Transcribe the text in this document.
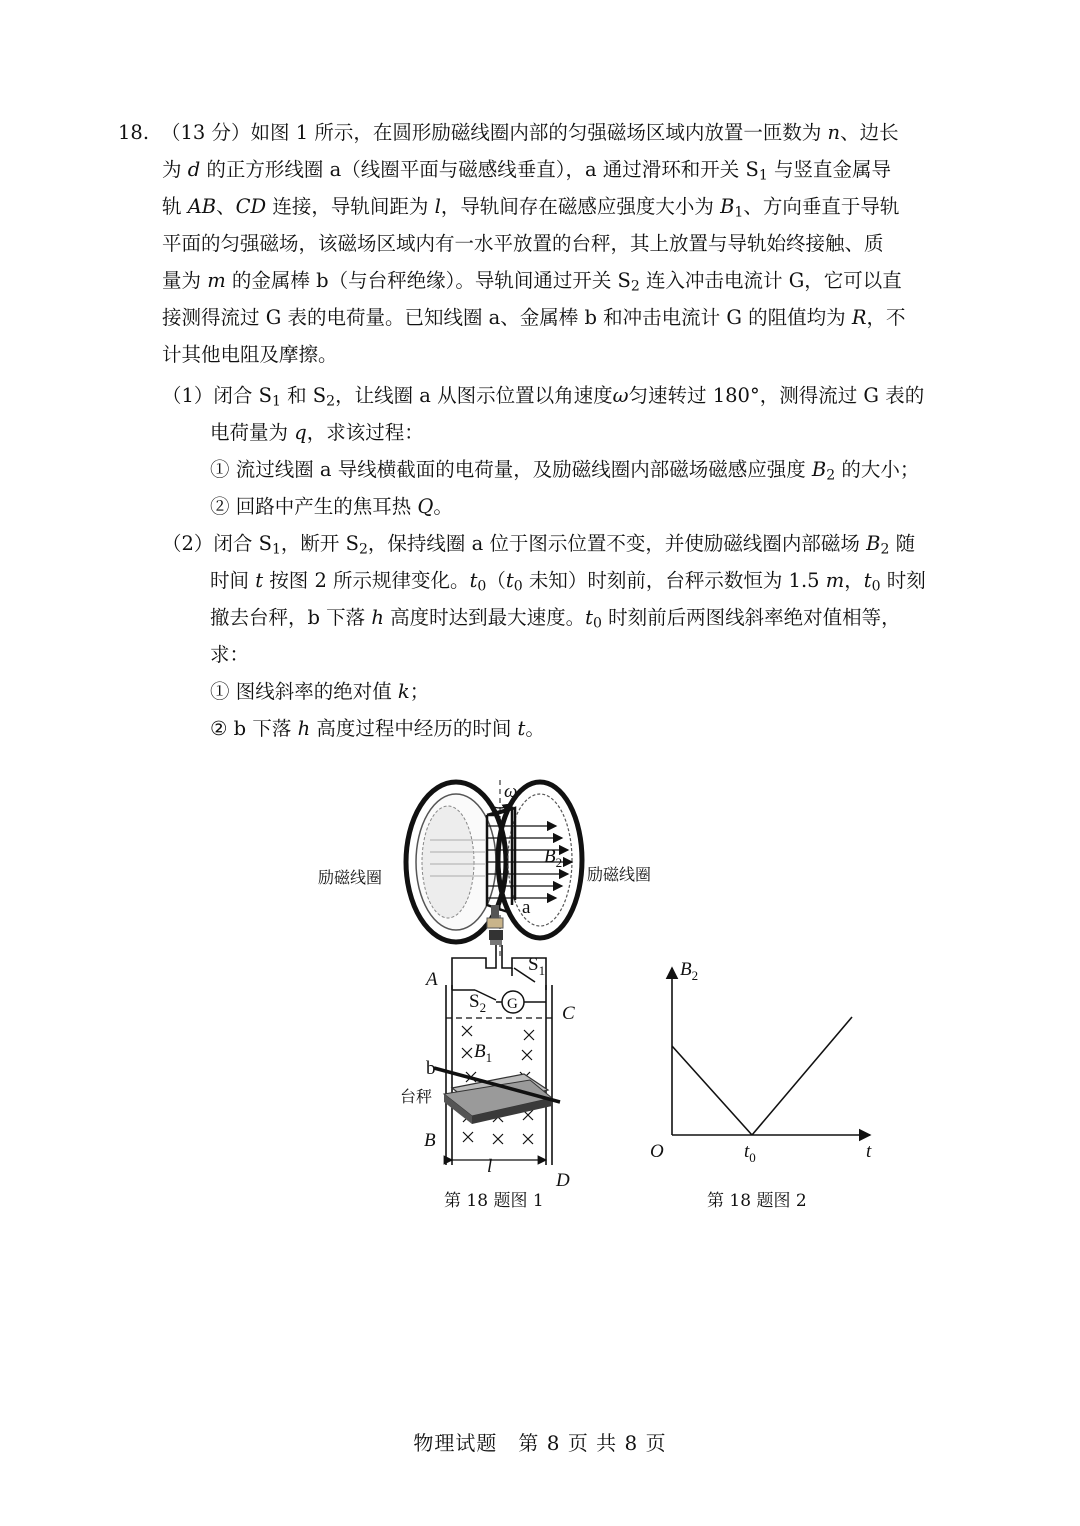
18. （13 分）如图 1 所示，在圆形励磁线圈内部的匀强磁场区域内放置一匝数为 n、边长
为 d 的正方形线圈 a（线圈平面与磁感线垂直），a 通过滑环和开关 $S_1$ 与竖直金属导
轨 AB、CD 连接，导轨间距为 l，导轨间存在磁感应强度大小为 $B_1$、方向垂直于导轨
平面的匀强磁场，该磁场区域内有一水平放置的台秤，其上放置与导轨始终接触、质
量为 m 的金属棒 b（与台秤绝缘）。导轨间通过开关 $S_2$ 连入冲击电流计 G，它可以直
接测得流过 G 表的电荷量。已知线圈 a、金属棒 b 和冲击电流计 G 的阻值均为 R，不
计其他电阻及摩擦。
（1）闭合 $S_1$ 和 $S_2$，让线圈 a 从图示位置以角速度ω匀速转过 180°，测得流过 G 表的
电荷量为 q，求该过程：
① 流过线圈 a 导线横截面的电荷量，及励磁线圈内部磁场磁感应强度 $B_2$ 的大小；
② 回路中产生的焦耳热 Q。
（2）闭合 $S_1$，断开 $S_2$，保持线圈 a 位于图示位置不变，并使励磁线圈内部磁场 $B_2$ 随
时间 t 按图 2 所示规律变化。$t_0(t_0$ 未知）时刻前，台秤示数恒为 1.5 m，$t_0$ 时刻
撤去台秤，b 下落 h 高度时达到最大速度。$t_0$ 时刻前后两图线斜率绝对值相等，
求：
① 图线斜率的绝对值 k；
② b 下落 h 高度过程中经历的时间 t。
ω
$B_2$
励磁线圈	励磁线圈
a
$S_1$
A
C
B
D
G
$S_2$
$B_1$
b
台秤
l
第 18 题图 1
$B_2$
t
O	$t_0$
第 18 题图 2
物理试题　第 8 页 共 8 页
